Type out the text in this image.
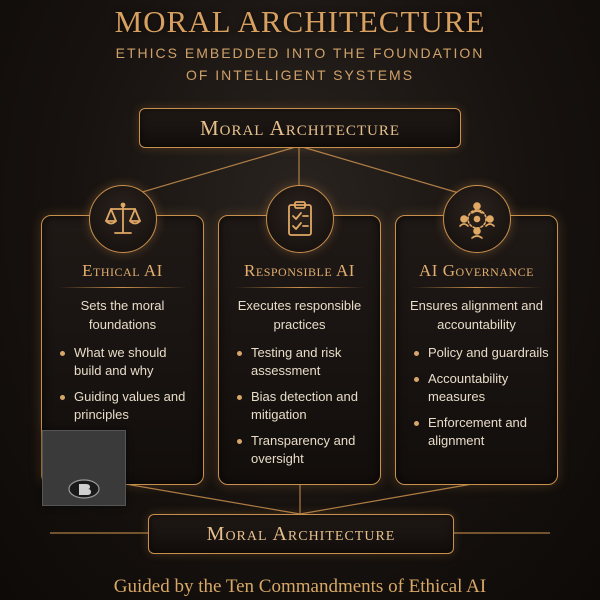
MORAL ARCHITECTURE
ETHICS EMBEDDED INTO THE FOUNDATION
OF INTELLIGENT SYSTEMS
Moral Architecture
Ethical AI
Sets the moral foundations
What we should build and why
Guiding values and principles
Responsible AI
Executes responsible practices
Testing and risk assessment
Bias detection and mitigation
Transparency and oversight
AI Governance
Ensures alignment and accountability
Policy and guardrails
Accountability measures
Enforcement and alignment
Moral Architecture
Guided by the Ten Commandments of Ethical AI
